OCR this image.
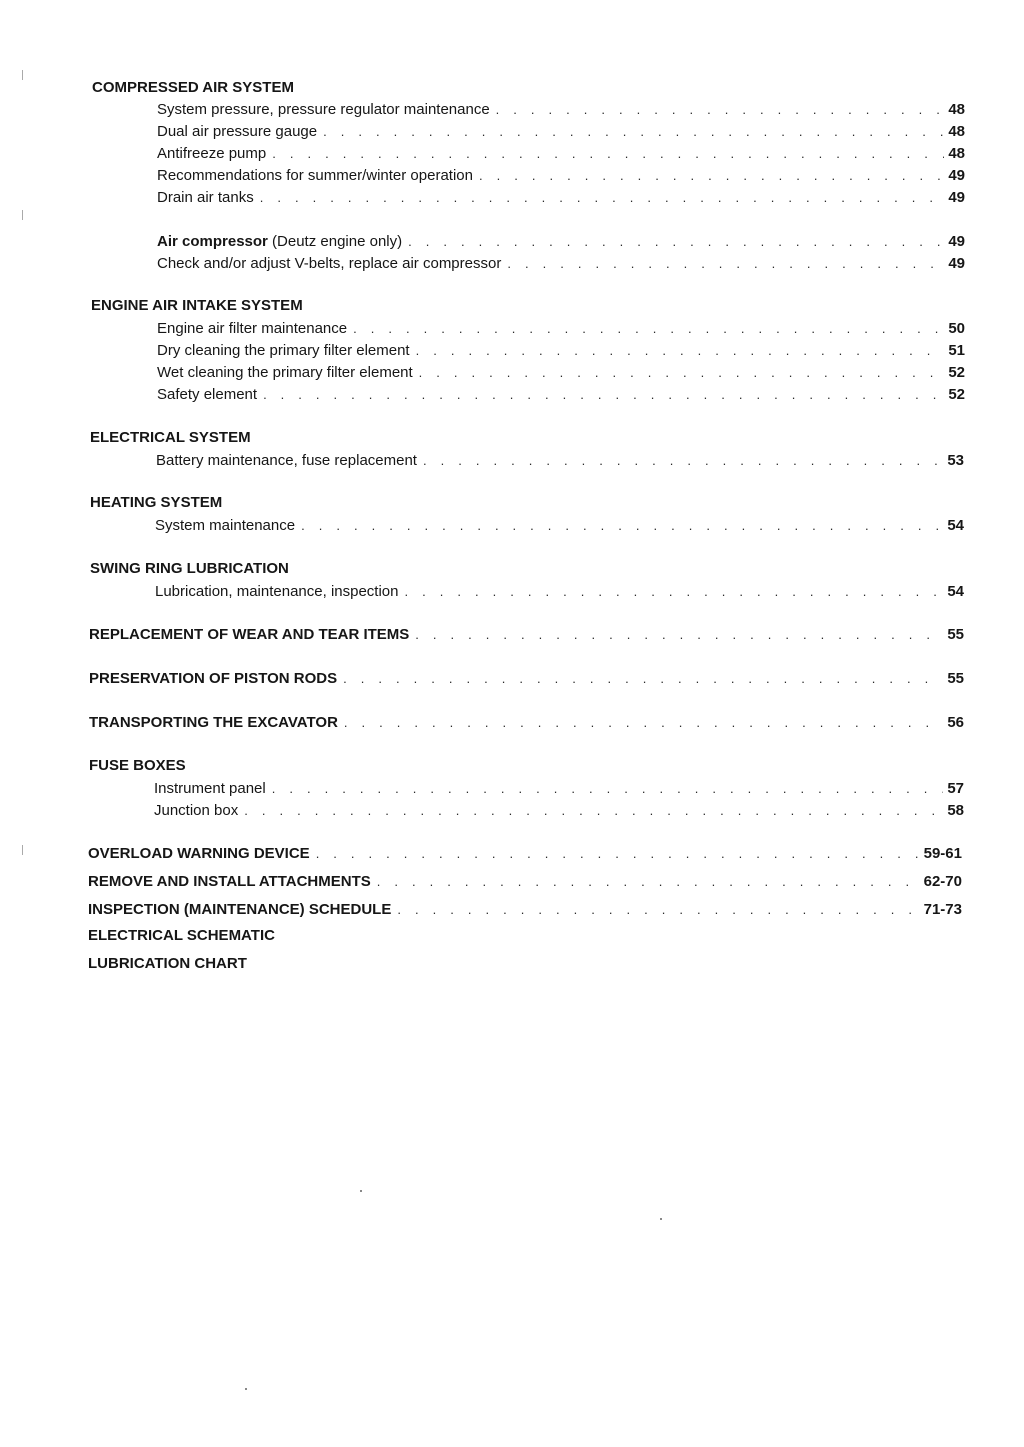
COMPRESSED AIR SYSTEM
System pressure, pressure regulator maintenance . . .	48
Dual air pressure gauge . . .	48
Antifreeze pump . . .	48
Recommendations for summer/winter operation . . .	49
Drain air tanks . . .	49
Air compressor (Deutz engine only) . . .	49
Check and/or adjust V-belts, replace air compressor . . .	49
ENGINE AIR INTAKE SYSTEM
Engine air filter maintenance . . .	50
Dry cleaning the primary filter element . . .	51
Wet cleaning the primary filter element . . .	52
Safety element . . .	52
ELECTRICAL SYSTEM
Battery maintenance, fuse replacement . . .	53
HEATING SYSTEM
System maintenance . . .	54
SWING RING LUBRICATION
Lubrication, maintenance, inspection . . .	54
REPLACEMENT OF WEAR AND TEAR ITEMS . . .	55
PRESERVATION OF PISTON RODS . . .	55
TRANSPORTING THE EXCAVATOR . . .	56
FUSE BOXES
Instrument panel . . .	57
Junction box . . .	58
OVERLOAD WARNING DEVICE . . .	59-61
REMOVE AND INSTALL ATTACHMENTS . . .	62-70
INSPECTION (MAINTENANCE) SCHEDULE . . .	71-73
ELECTRICAL SCHEMATIC
LUBRICATION CHART
